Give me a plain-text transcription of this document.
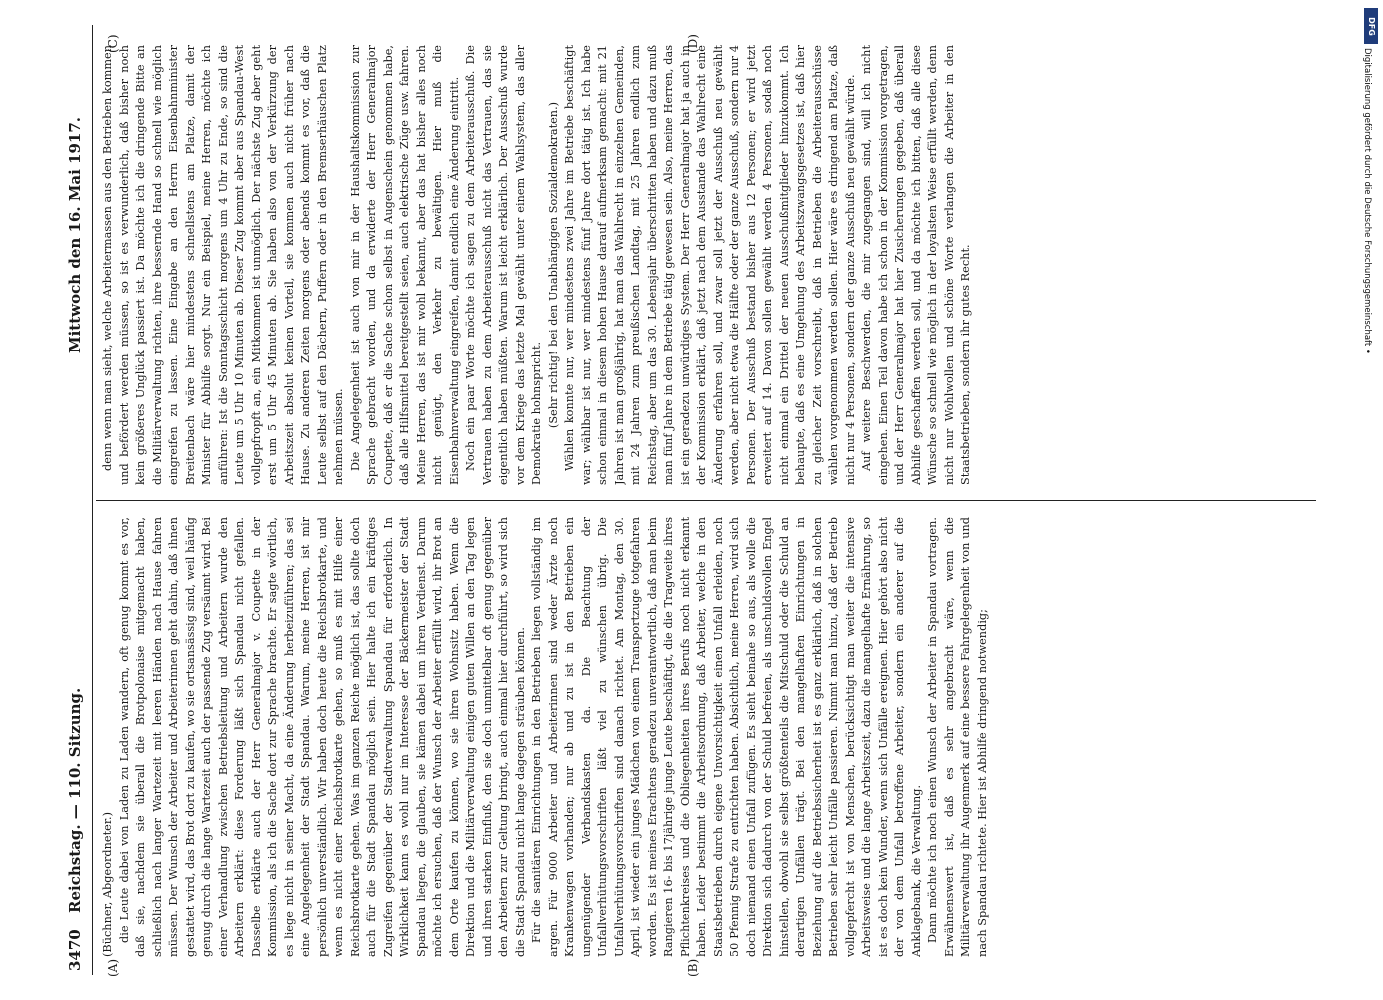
3470
Reichstag. — 110. Sitzung.
Mittwoch den 16. Mai 1917.
(A)	(B)
(C)	(D)

(Büchner, Abgeordneter.) die Leute dabei von Laden zu Laden wandern, oft genug kommt es vor, daß sie, nachdem sie überall die Brotpolonaise mitgemacht haben, schließlich nach langer Wartezeit mit leeren Händen nach Hause fahren müssen. Der Wunsch der Arbeiter und Arbeiterinnen geht dahin, daß ihnen gestattet wird, das Brot dort zu kaufen, wo sie ortsansässig sind, weil häufig genug durch die lange Wartezeit auch der passende Zug versäumt wird. Bei einer Verhandlung zwischen Betriebsleitung und Arbeitern wurde den Arbeitern erklärt: diese Forderung läßt sich Spandau nicht gefallen. Dasselbe erklärte auch der Herr Generalmajor v. Coupette in der Kommission, als ich die Sache dort zur Sprache brachte. Er sagte wörtlich, es liege nicht in seiner Macht, da eine Änderung herbeizuführen; das sei eine Angelegenheit der Stadt Spandau. Warum, meine Herren, ist mir persönlich unverständlich. Wir haben doch heute die Reichsbrotkarte, und wenn es nicht einer Reichsbrotkarte gehen, so muß es mit Hilfe einer Reichsbrotkarte gehen. Was im ganzen Reiche möglich ist, das sollte doch auch für die Stadt Spandau möglich sein. Hier halte ich ein kräftiges Zugreifen gegenüber der Stadtverwaltung Spandau für erforderlich. In Wirklichkeit kann es wohl nur im Interesse der Bäckermeister der Stadt Spandau liegen, die glauben, sie kämen dabei um ihren Verdienst. Darum möchte ich ersuchen, daß der Wunsch der Arbeiter erfüllt wird, ihr Brot an dem Orte kaufen zu können, wo sie ihren Wohnsitz haben. Wenn die Direktion und die Militärverwaltung einigen guten Willen an den Tag legen und ihren starken Einfluß, den sie doch unmittelbar oft genug gegenüber den Arbeitern zur Geltung bringt, auch einmal hier durchführt, so wird sich die Stadt Spandau nicht lange dagegen sträuben können. Für die sanitären Einrichtungen in den Betrieben liegen vollständig im argen. Für 9000 Arbeiter und Arbeiterinnen sind weder Ärzte noch Krankenwagen vorhanden; nur ab und zu ist in den Betrieben ein ungenügender Verbandskasten da. Die Beachtung der Unfallverhütungsvorschriften läßt viel zu wünschen übrig. Die Unfallverhütungsvorschriften sind danach richtet. Am Montag, den 30. April, ist wieder ein junges Mädchen von einem Transportzuge totgefahren worden. Es ist meines Erachtens geradezu unverantwortlich, daß man beim Rangieren 16- bis 17jährige junge Leute beschäftigt, die die Tragweite ihres Pflichtenkreises und die Obliegenheiten ihres Berufs noch nicht erkannt haben. Leider bestimmt die Arbeitsordnung, daß Arbeiter, welche in den Staatsbetrieben durch eigene Unvorsichtigkeit einen Unfall erleiden, noch 50 Pfennig Strafe zu entrichten haben. Absichtlich, meine Herren, wird sich doch niemand einen Unfall zufügen. Es sieht beinahe so aus, als wolle die Direktion sich dadurch von der Schuld befreien, als unschuldsvollen Engel hinstellen, obwohl sie selbst größtenteils die Mitschuld oder die Schuld an derartigen Unfällen trägt. Bei den mangelhaften Einrichtungen in Beziehung auf die Betriebssicherheit ist es ganz erklärlich, daß in solchen Betrieben sehr leicht Unfälle passieren. Nimmt man hinzu, daß der Betrieb vollgepfercht ist von Menschen, berücksichtigt man weiter die intensive Arbeitsweise und die lange Arbeitszeit, dazu die mangelhafte Ernährung, so ist es doch kein Wunder, wenn sich Unfälle ereignen. Hier gehört also nicht der von dem Unfall betroffene Arbeiter, sondern ein anderer auf die Anklagebank, die Verwaltung. Dann möchte ich noch einen Wunsch der Arbeiter in Spandau vortragen. Erwähnenswert ist, daß es sehr angebracht wäre, wenn die Militärverwaltung ihr Augenmerk auf eine bessere Fahrgelegenheit von und nach Spandau richtete. Hier ist Abhilfe dringend notwendig;

denn wenn man sieht, welche Arbeitermassen aus den Betrieben kommen und befördert werden müssen, so ist es verwunderlich, daß bisher noch kein größeres Unglück passiert ist. Da möchte ich die dringende Bitte an die Militärverwaltung richten, ihre bessernde Hand so schnell wie möglich eingreifen zu lassen. Eine Eingabe an den Herrn Eisenbahnminister Breitenbach wäre hier mindestens schnellstens am Platze, damit der Minister für Abhilfe sorgt. Nur ein Beispiel, meine Herren, möchte ich anführen: Ist die Sonntagsschicht morgens um 4 Uhr zu Ende, so sind die Leute um 5 Uhr 10 Minuten ab. Dieser Zug kommt aber aus Spandau-West vollgepfropft an, ein Mitkommen ist unmöglich. Der nächste Zug aber geht erst um 5 Uhr 45 Minuten ab. Sie haben also von der Verkürzung der Arbeitszeit absolut keinen Vorteil, sie kommen auch nicht früher nach Hause. Zu anderen Zeiten morgens oder abends kommt es vor, daß die Leute selbst auf den Dächern, Puffern oder in den Bremserhäuschen Platz nehmen müssen. Die Angelegenheit ist auch von mir in der Haushaltskommission zur Sprache gebracht worden, und da erwiderte der Herr Generalmajor Coupette, daß er die Sache schon selbst in Augenschein genommen habe, daß alle Hilfsmittel bereitgestellt seien, auch elektrische Züge usw. fahren. Meine Herren, das ist mir wohl bekannt, aber das hat bisher alles noch nicht genügt, den Verkehr zu bewältigen. Hier muß die Eisenbahnverwaltung eingreifen, damit endlich eine Änderung eintritt. Noch ein paar Worte möchte ich sagen zu dem Arbeiterausschuß. Die Vertrauen haben zu dem Arbeiterausschuß nicht das Vertrauen, das sie eigentlich haben müßten. Warum ist leicht erklärlich. Der Ausschuß wurde vor dem Kriege das letzte Mal gewählt unter einem Wahlsystem, das aller Demokratie hohnspricht. (Sehr richtig! bei den Unabhängigen Sozialdemokraten.) Wählen konnte nur, wer mindestens zwei Jahre im Betriebe beschäftigt war; wählbar ist nur, wer mindestens fünf Jahre dort tätig ist. Ich habe schon einmal in diesem hohen Hause darauf aufmerksam gemacht: mit 21 Jahren ist man großjährig, hat man das Wahlrecht in einzelnen Gemeinden, mit 24 Jahren zum preußischen Landtag, mit 25 Jahren endlich zum Reichstag, aber um das 30. Lebensjahr überschritten haben und dazu muß man fünf Jahre in dem Betriebe tätig gewesen sein. Also, meine Herren, das ist ein geradezu unwürdiges System. Der Herr Generalmajor hat ja auch in der Kommission erklärt, daß jetzt nach dem Ausstande das Wahlrecht eine Änderung erfahren soll, und zwar soll jetzt der Ausschuß neu gewählt werden, aber nicht etwa die Hälfte oder der ganze Ausschuß, sondern nur 4 Personen. Der Ausschuß bestand bisher aus 12 Personen; er wird jetzt erweitert auf 14. Davon sollen gewählt werden 4 Personen, sodaß noch nicht einmal ein Drittel der neuen Ausschußmitglieder hinzukommt. Ich behaupte, daß es eine Umgehung des Arbeitszwangsgesetzes ist, daß hier zu gleicher Zeit vorschreibt, daß in Betrieben die Arbeiterausschüsse wählen vorgenommen werden sollen. Hier wäre es dringend am Platze, daß nicht nur 4 Personen, sondern der ganze Ausschuß neu gewählt würde. Auf weitere Beschwerden, die mir zugegangen sind, will ich nicht eingehen. Einen Teil davon habe ich schon in der Kommission vorgetragen, und der Herr Generalmajor hat hier Zusicherungen gegeben, daß überall Abhilfe geschaffen werden soll, und da möchte ich bitten, daß alle diese Wünsche so schnell wie möglich in der loyalsten Weise erfüllt werden, denn nicht nur Wohlwollen und schöne Worte verlangen die Arbeiter in den Staatsbetrieben, sondern ihr gutes Recht.

DFG
Digitalisierung gefördert durch die Deutsche Forschungsgemeinschaft •
